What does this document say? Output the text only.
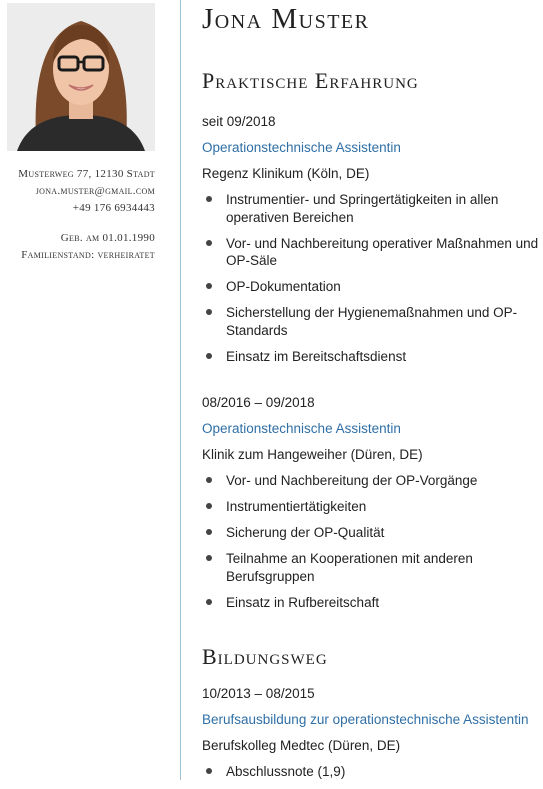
Musterweg 77, 12130 Stadt
jona.muster@gmail.com
+49 176 6934443
Geb. am 01.01.1990
Familienstand: verheiratet
Jona Muster
Praktische Erfahrung
seit 09/2018
Operationstechnische Assistentin
Regenz Klinikum (Köln, DE)
Instrumentier- und Springertätigkeiten in allen operativen Bereichen
Vor- und Nachbereitung operativer Maßnahmen und OP-Säle
OP-Dokumentation
Sicherstellung der Hygienemaßnahmen und OP-Standards
Einsatz im Bereitschaftsdienst
08/2016 – 09/2018
Operationstechnische Assistentin
Klinik zum Hangeweiher (Düren, DE)
Vor- und Nachbereitung der OP-Vorgänge
Instrumentiertätigkeiten
Sicherung der OP-Qualität
Teilnahme an Kooperationen mit anderen Berufsgruppen
Einsatz in Rufbereitschaft
Bildungsweg
10/2013 – 08/2015
Berufsausbildung zur operationstechnische Assistentin
Berufskolleg Medtec (Düren, DE)
Abschlussnote (1,9)
